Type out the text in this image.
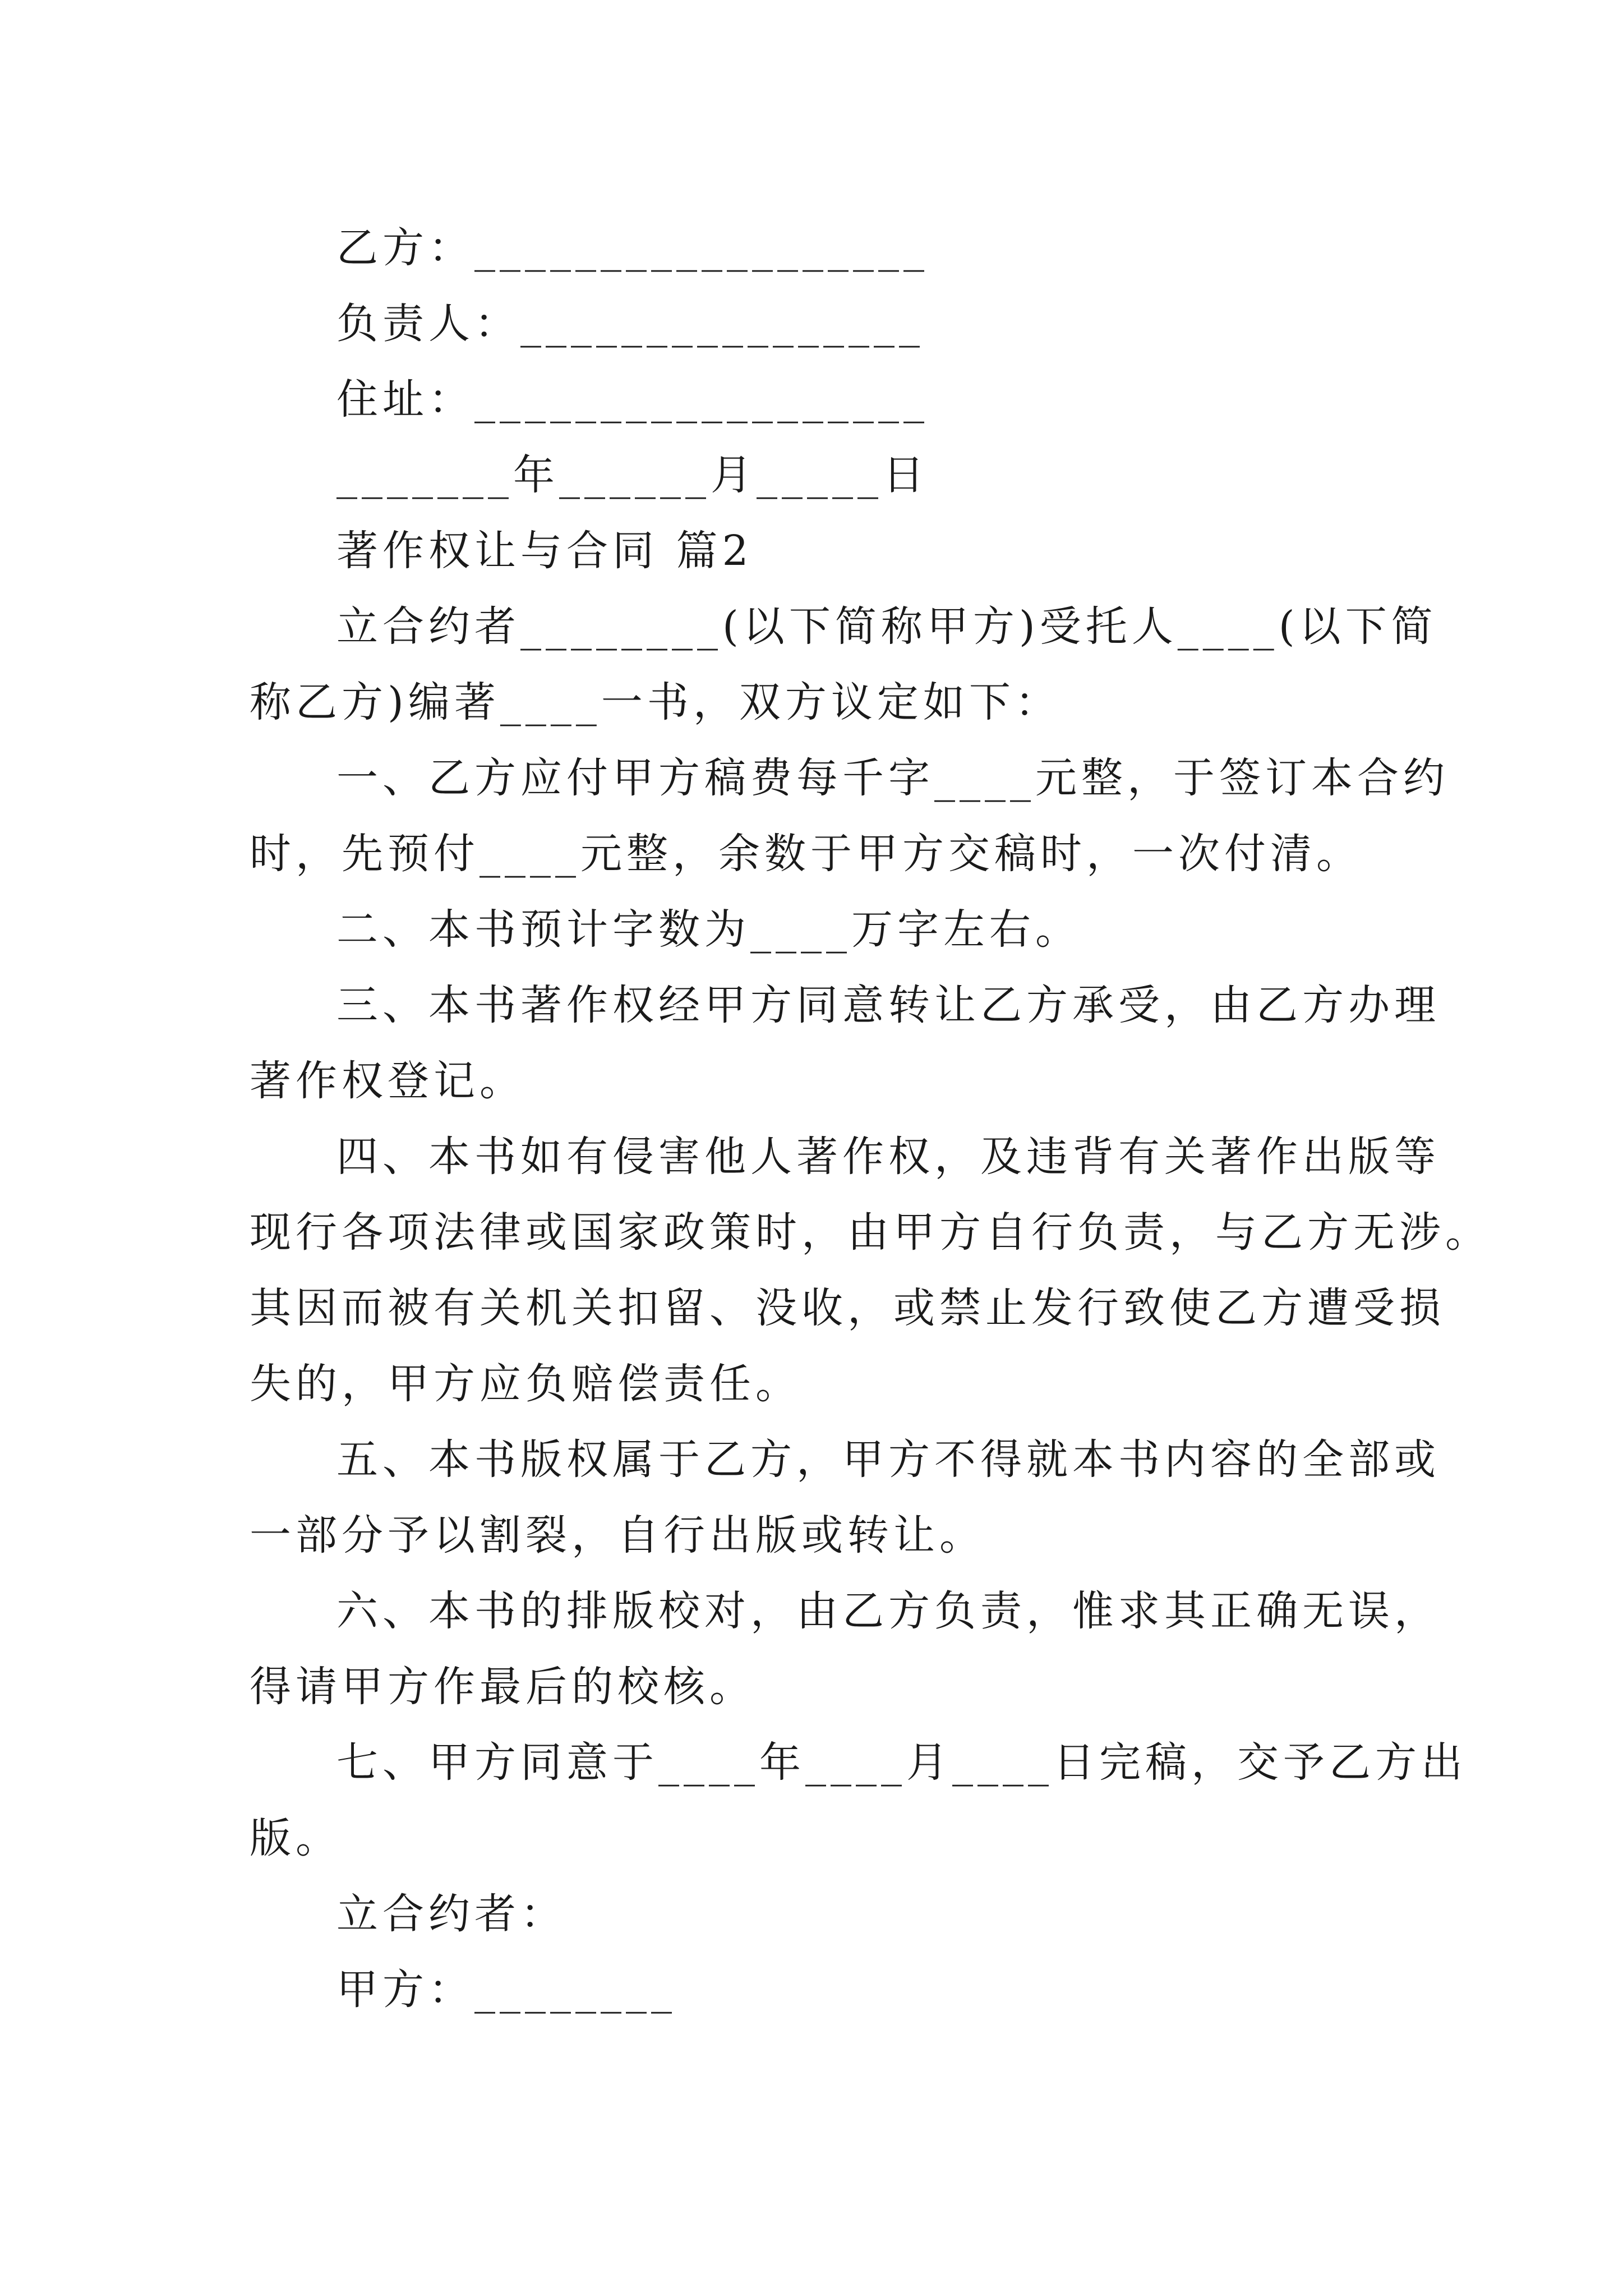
乙方：__________________
负责人：________________
住址：__________________
_______年______月_____日
著作权让与合同 篇2
立合约者________(以下简称甲方)受托人____(以下简
称乙方)编著____一书，双方议定如下：
一、乙方应付甲方稿费每千字____元整，于签订本合约
时，先预付____元整，余数于甲方交稿时，一次付清。
二、本书预计字数为____万字左右。
三、本书著作权经甲方同意转让乙方承受，由乙方办理
著作权登记。
四、本书如有侵害他人著作权，及违背有关著作出版等
现行各项法律或国家政策时，由甲方自行负责，与乙方无涉。
其因而被有关机关扣留、没收，或禁止发行致使乙方遭受损
失的，甲方应负赔偿责任。
五、本书版权属于乙方，甲方不得就本书内容的全部或
一部分予以割裂，自行出版或转让。
六、本书的排版校对，由乙方负责，惟求其正确无误，
得请甲方作最后的校核。
七、甲方同意于____年____月____日完稿，交予乙方出
版。
立合约者：
甲方：________
